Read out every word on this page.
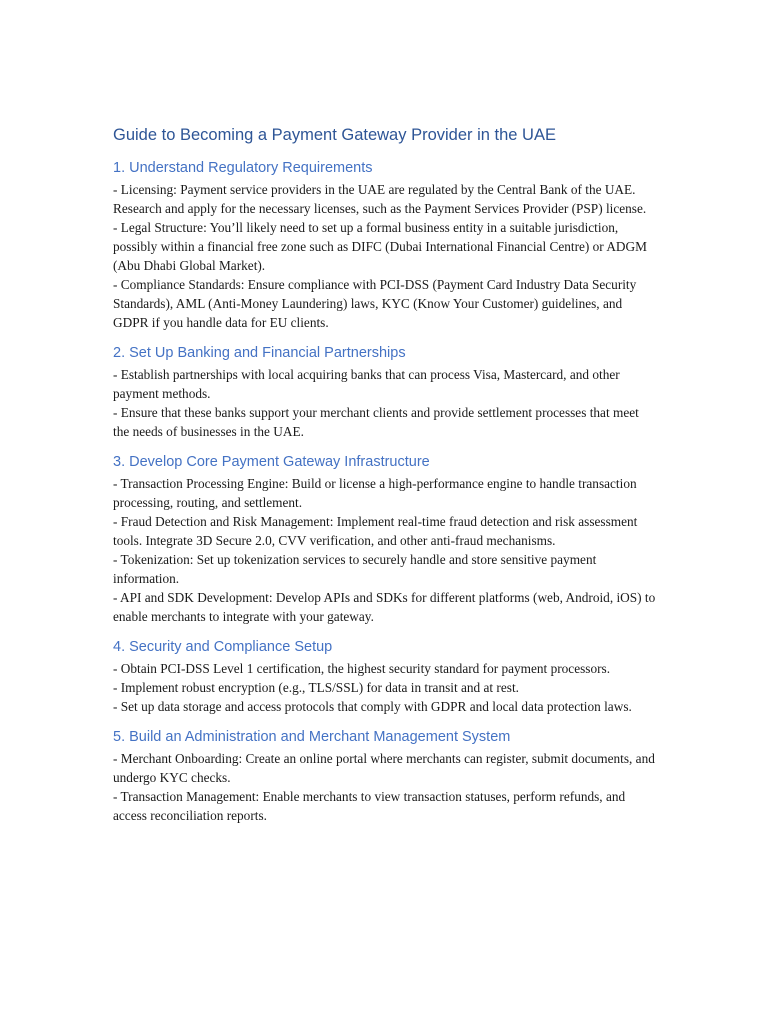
Guide to Becoming a Payment Gateway Provider in the UAE
1. Understand Regulatory Requirements

- Licensing: Payment service providers in the UAE are regulated by the Central Bank of the UAE. Research and apply for the necessary licenses, such as the Payment Services Provider (PSP) license.

- Legal Structure: You’ll likely need to set up a formal business entity in a suitable jurisdiction, possibly within a financial free zone such as DIFC (Dubai International Financial Centre) or ADGM (Abu Dhabi Global Market).

- Compliance Standards: Ensure compliance with PCI-DSS (Payment Card Industry Data Security Standards), AML (Anti-Money Laundering) laws, KYC (Know Your Customer) guidelines, and GDPR if you handle data for EU clients.

2. Set Up Banking and Financial Partnerships

- Establish partnerships with local acquiring banks that can process Visa, Mastercard, and other payment methods.

- Ensure that these banks support your merchant clients and provide settlement processes that meet the needs of businesses in the UAE.

3. Develop Core Payment Gateway Infrastructure

- Transaction Processing Engine: Build or license a high-performance engine to handle transaction processing, routing, and settlement.

- Fraud Detection and Risk Management: Implement real-time fraud detection and risk assessment tools. Integrate 3D Secure 2.0, CVV verification, and other anti-fraud mechanisms.

- Tokenization: Set up tokenization services to securely handle and store sensitive payment information.

- API and SDK Development: Develop APIs and SDKs for different platforms (web, Android, iOS) to enable merchants to integrate with your gateway.

4. Security and Compliance Setup

- Obtain PCI-DSS Level 1 certification, the highest security standard for payment processors.

- Implement robust encryption (e.g., TLS/SSL) for data in transit and at rest.

- Set up data storage and access protocols that comply with GDPR and local data protection laws.

5. Build an Administration and Merchant Management System

- Merchant Onboarding: Create an online portal where merchants can register, submit documents, and undergo KYC checks.

- Transaction Management: Enable merchants to view transaction statuses, perform refunds, and access reconciliation reports.
